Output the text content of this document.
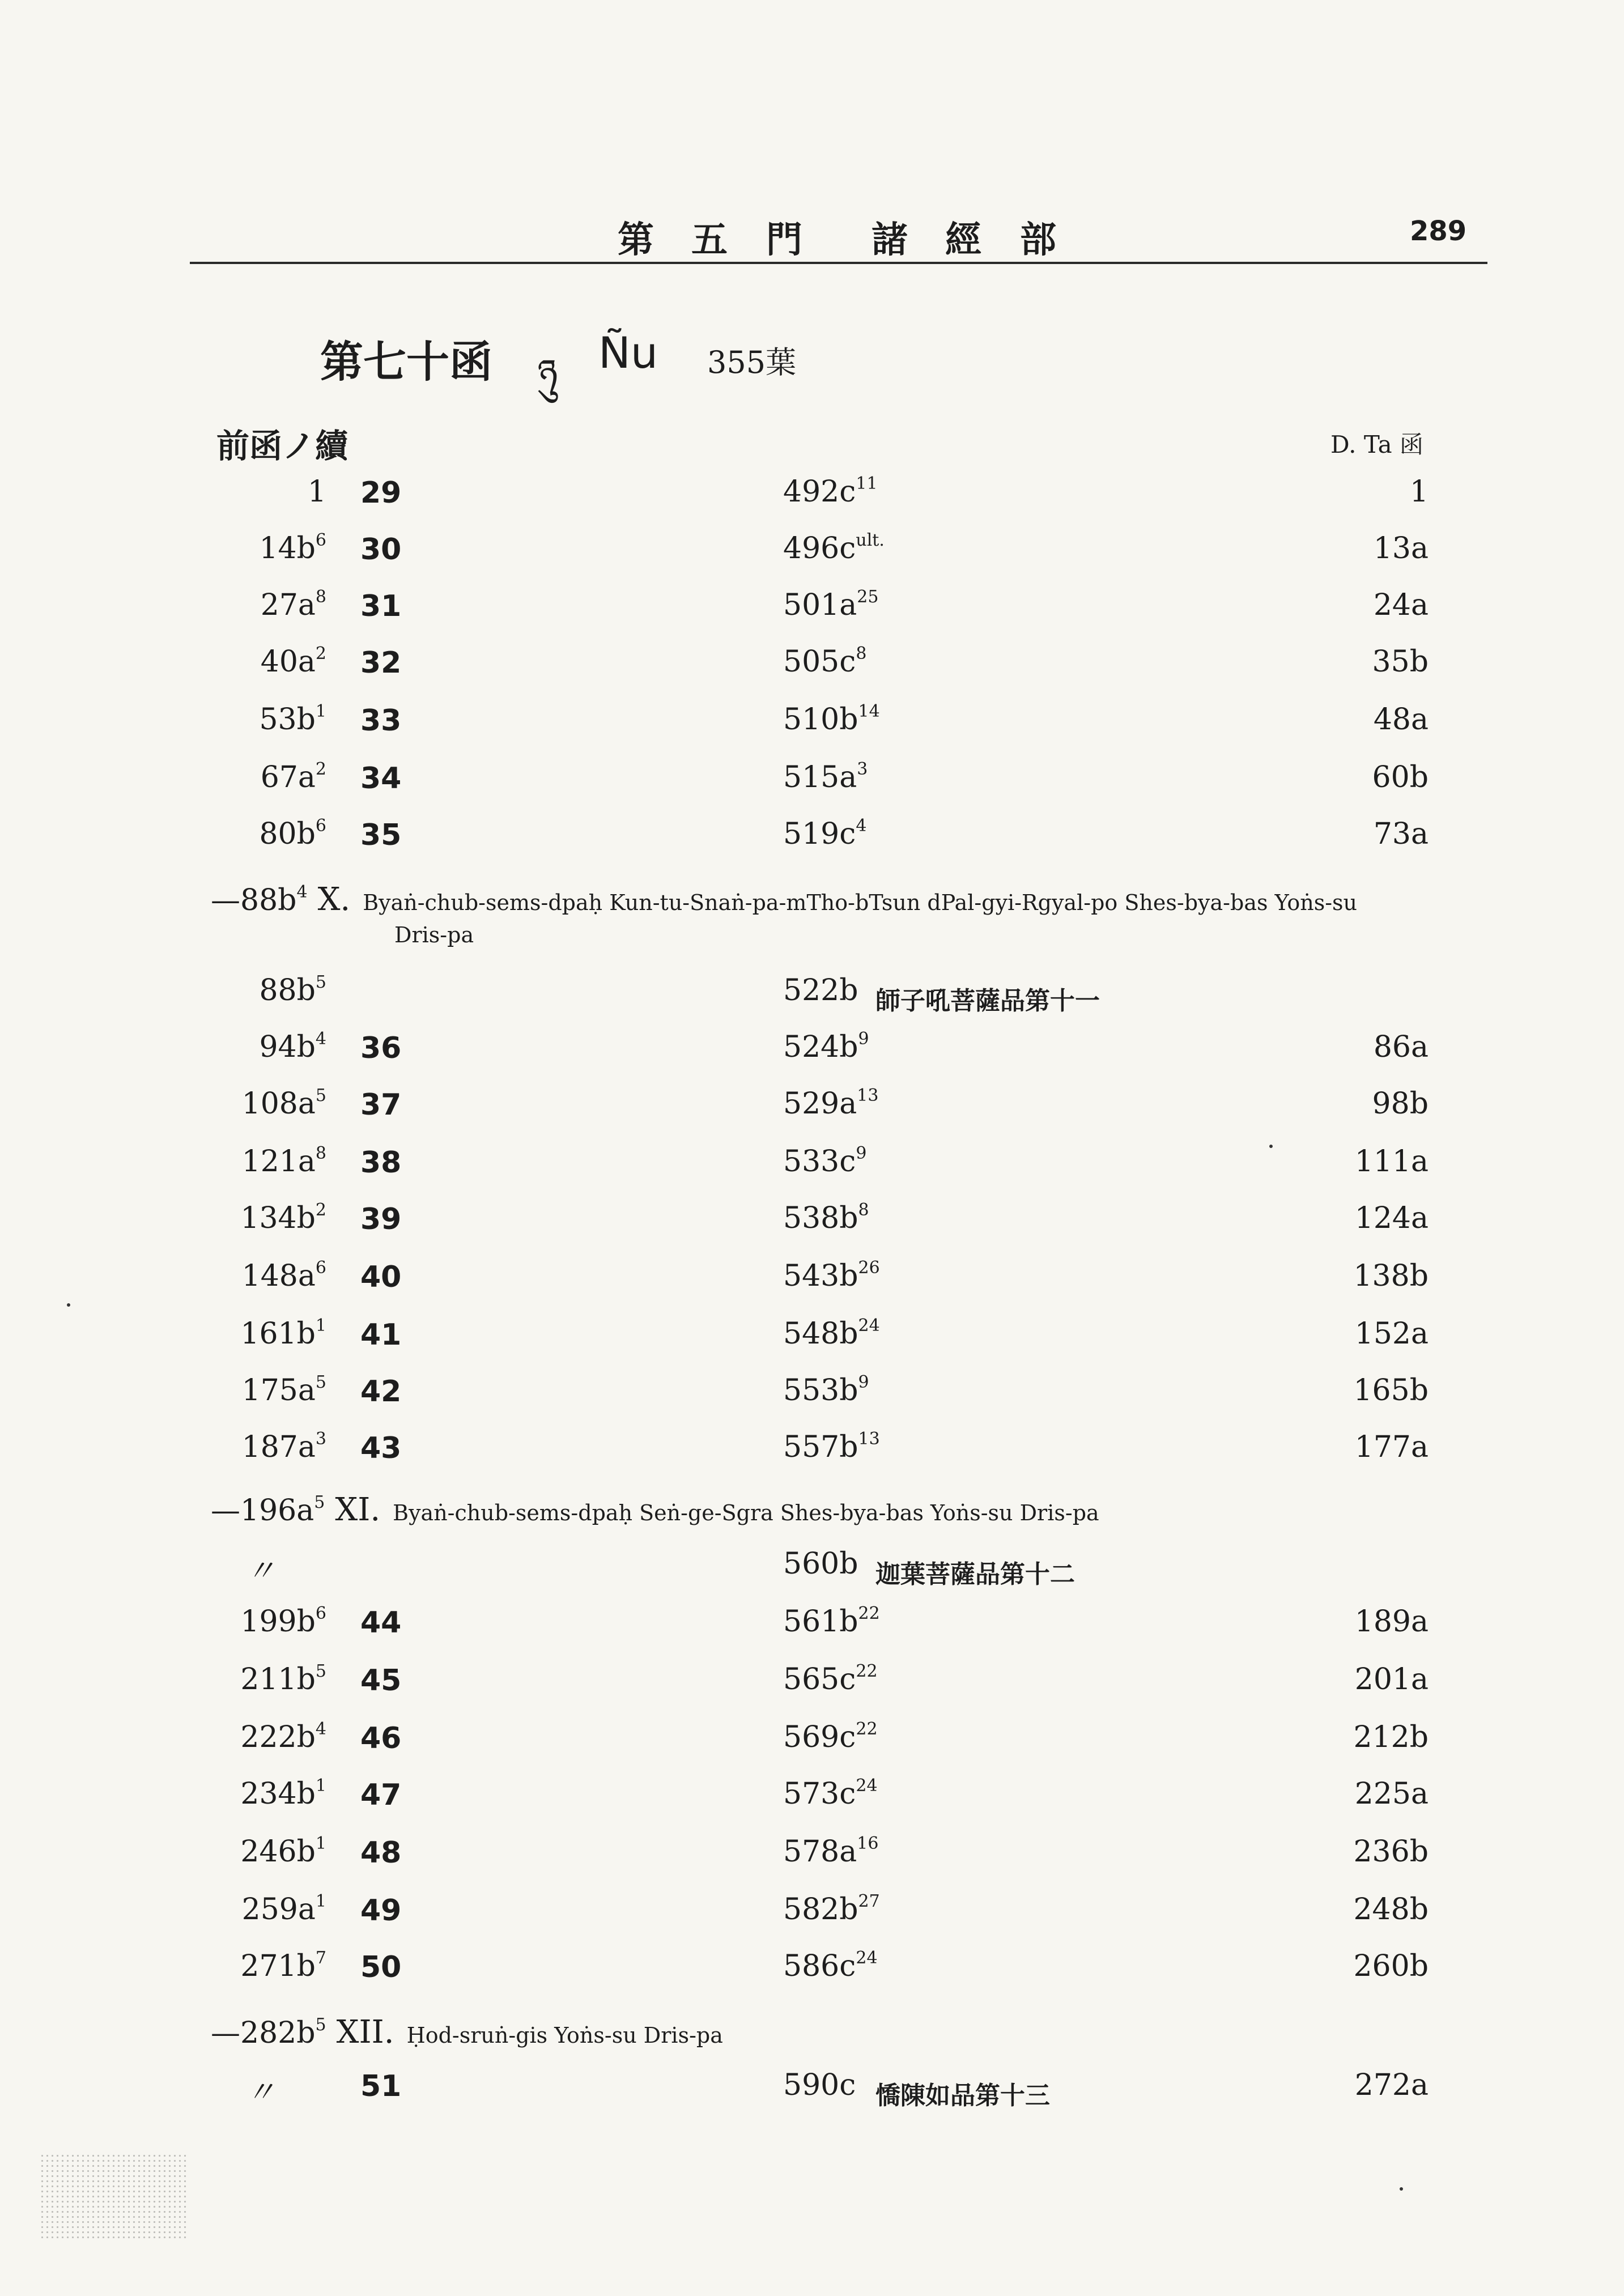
第 五 門 諸 經 部	289
第七十函 ཉུ Ñu 355葉
前函ノ續	D. Ta 函
1 29	$492c^{11}$	1
$14b^6$ 30	$496c^{ult.}$	13a
$27a^8$ 31	$501a^{25}$	24a
$40a^2$ 32	$505c^8$	35b
$53b^1$ 33	$510b^{14}$	48a
$67a^2$ 34	$515a^3$	60b
$80b^6$ 35	$519c^4$	73a
$—88b^4$ X. Byaṅ-chub-sems-dpaḥ Kun-tu-Snaṅ-pa-mTho-bTsun dPal-gyi-Rgyal-po Shes-bya-bas Yoṅs-su
Dris-pa
$88b^5$	522b 師子吼菩薩品第十一
$94b^4$ 36	$524b^9$	86a
$108a^5$ 37	$529a^{13}$	98b
$121a^8$ 38	$533c^9$	111a
$134b^2$ 39	$538b^8$	124a
$148a^6$ 40	$543b^{26}$	138b
$161b^1$ 41	$548b^{24}$	152a
$175a^5$ 42	$553b^9$	165b
$187a^3$ 43	$557b^{13}$	177a
$—196a^5$ XI. Byaṅ-chub-sems-dpaḥ Seṅ-ge-Sgra Shes-bya-bas Yoṅs-su Dris-pa
〃	560b 迦葉菩薩品第十二
$199b^6$ 44	$561b^{22}$	189a
$211b^5$ 45	$565c^{22}$	201a
$222b^4$ 46	$569c^{22}$	212b
$234b^1$ 47	$573c^{24}$	225a
$246b^1$ 48	$578a^{16}$	236b
$259a^1$ 49	$582b^{27}$	248b
$271b^7$ 50	$586c^{24}$	260b
$—282b^5$ XII. Ḥod-sruṅ-gis Yoṅs-su Dris-pa
〃	51	590c 憍陳如品第十三	272a
